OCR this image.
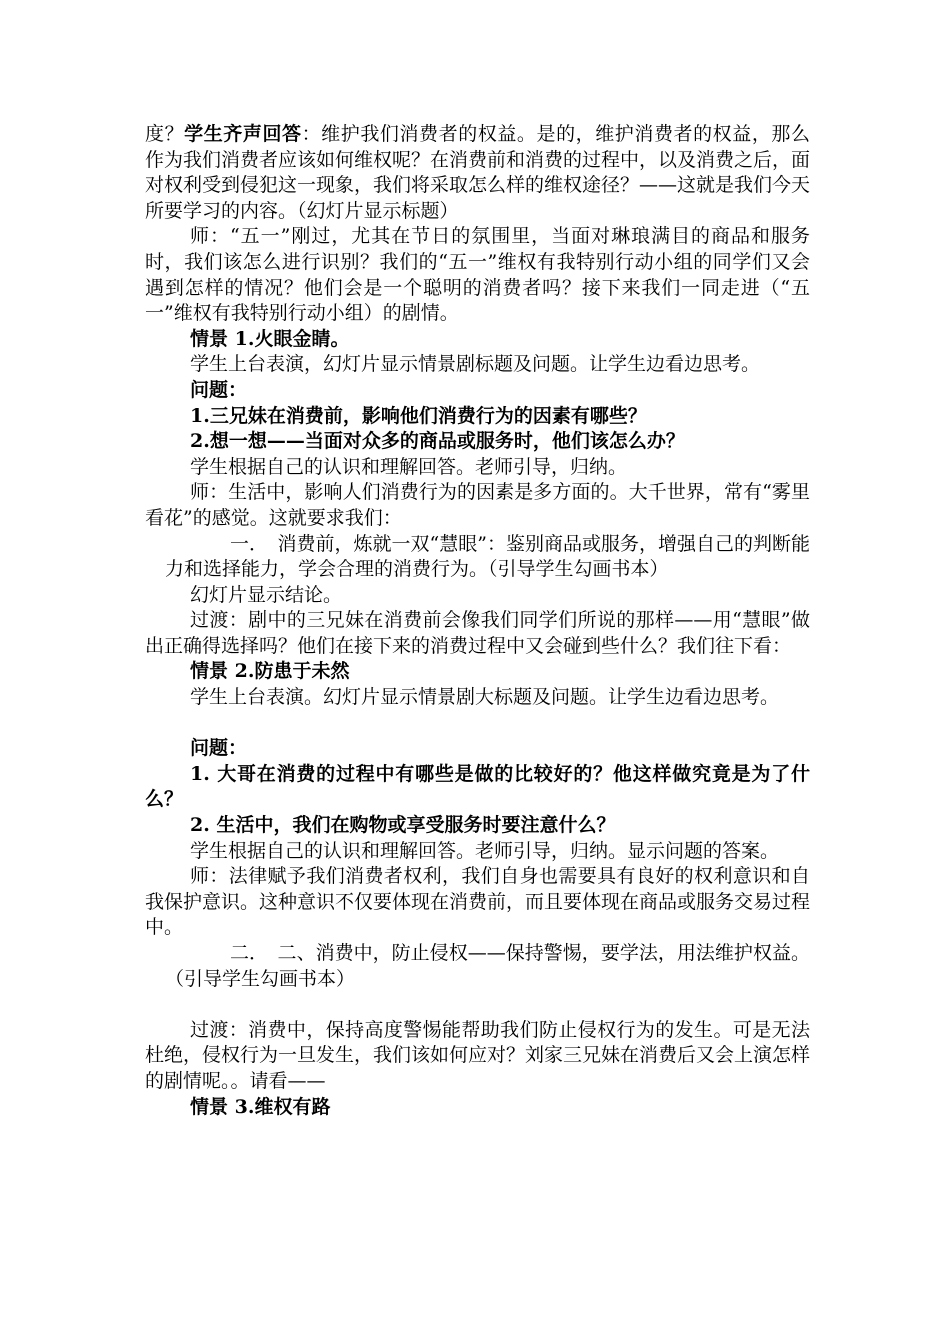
度？学生齐声回答：维护我们消费者的权益。是的，维护消费者的权益，那么作为我们消费者应该如何维权呢？在消费前和消费的过程中，以及消费之后，面对权利受到侵犯这一现象，我们将采取怎么样的维权途径？——这就是我们今天所要学习的内容。（幻灯片显示标题）

师：“五一”刚过，尤其在节日的氛围里，当面对琳琅满目的商品和服务时，我们该怎么进行识别？我们的“五一”维权有我特别行动小组的同学们又会遇到怎样的情况？他们会是一个聪明的消费者吗？接下来我们一同走进（“五一”维权有我特别行动小组）的剧情。

情景 1.火眼金睛。

学生上台表演，幻灯片显示情景剧标题及问题。让学生边看边思考。

问题：

1.三兄妹在消费前，影响他们消费行为的因素有哪些？

2.想一想——当面对众多的商品或服务时，他们该怎么办？

学生根据自己的认识和理解回答。老师引导，归纳。

师：生活中，影响人们消费行为的因素是多方面的。大千世界，常有“雾里看花”的感觉。这就要求我们：

一．　消费前，炼就一双“慧眼”：鉴别商品或服务，增强自己的判断能力和选择能力，学会合理的消费行为。（引导学生勾画书本）

幻灯片显示结论。

过渡：剧中的三兄妹在消费前会像我们同学们所说的那样——用“慧眼”做出正确得选择吗？他们在接下来的消费过程中又会碰到些什么？我们往下看：

情景 2.防患于未然

学生上台表演。幻灯片显示情景剧大标题及问题。让学生边看边思考。

问题：

1. 大哥在消费的过程中有哪些是做的比较好的？他这样做究竟是为了什么？

2. 生活中，我们在购物或享受服务时要注意什么？

学生根据自己的认识和理解回答。老师引导，归纳。显示问题的答案。

师：法律赋予我们消费者权利，我们自身也需要具有良好的权利意识和自我保护意识。这种意识不仅要体现在消费前，而且要体现在商品或服务交易过程中。

二．　二、消费中，防止侵权——保持警惕，要学法，用法维护权益。（引导学生勾画书本）

过渡：消费中，保持高度警惕能帮助我们防止侵权行为的发生。可是无法杜绝，侵权行为一旦发生，我们该如何应对？刘家三兄妹在消费后又会上演怎样的剧情呢。。请看——

情景 3.维权有路
